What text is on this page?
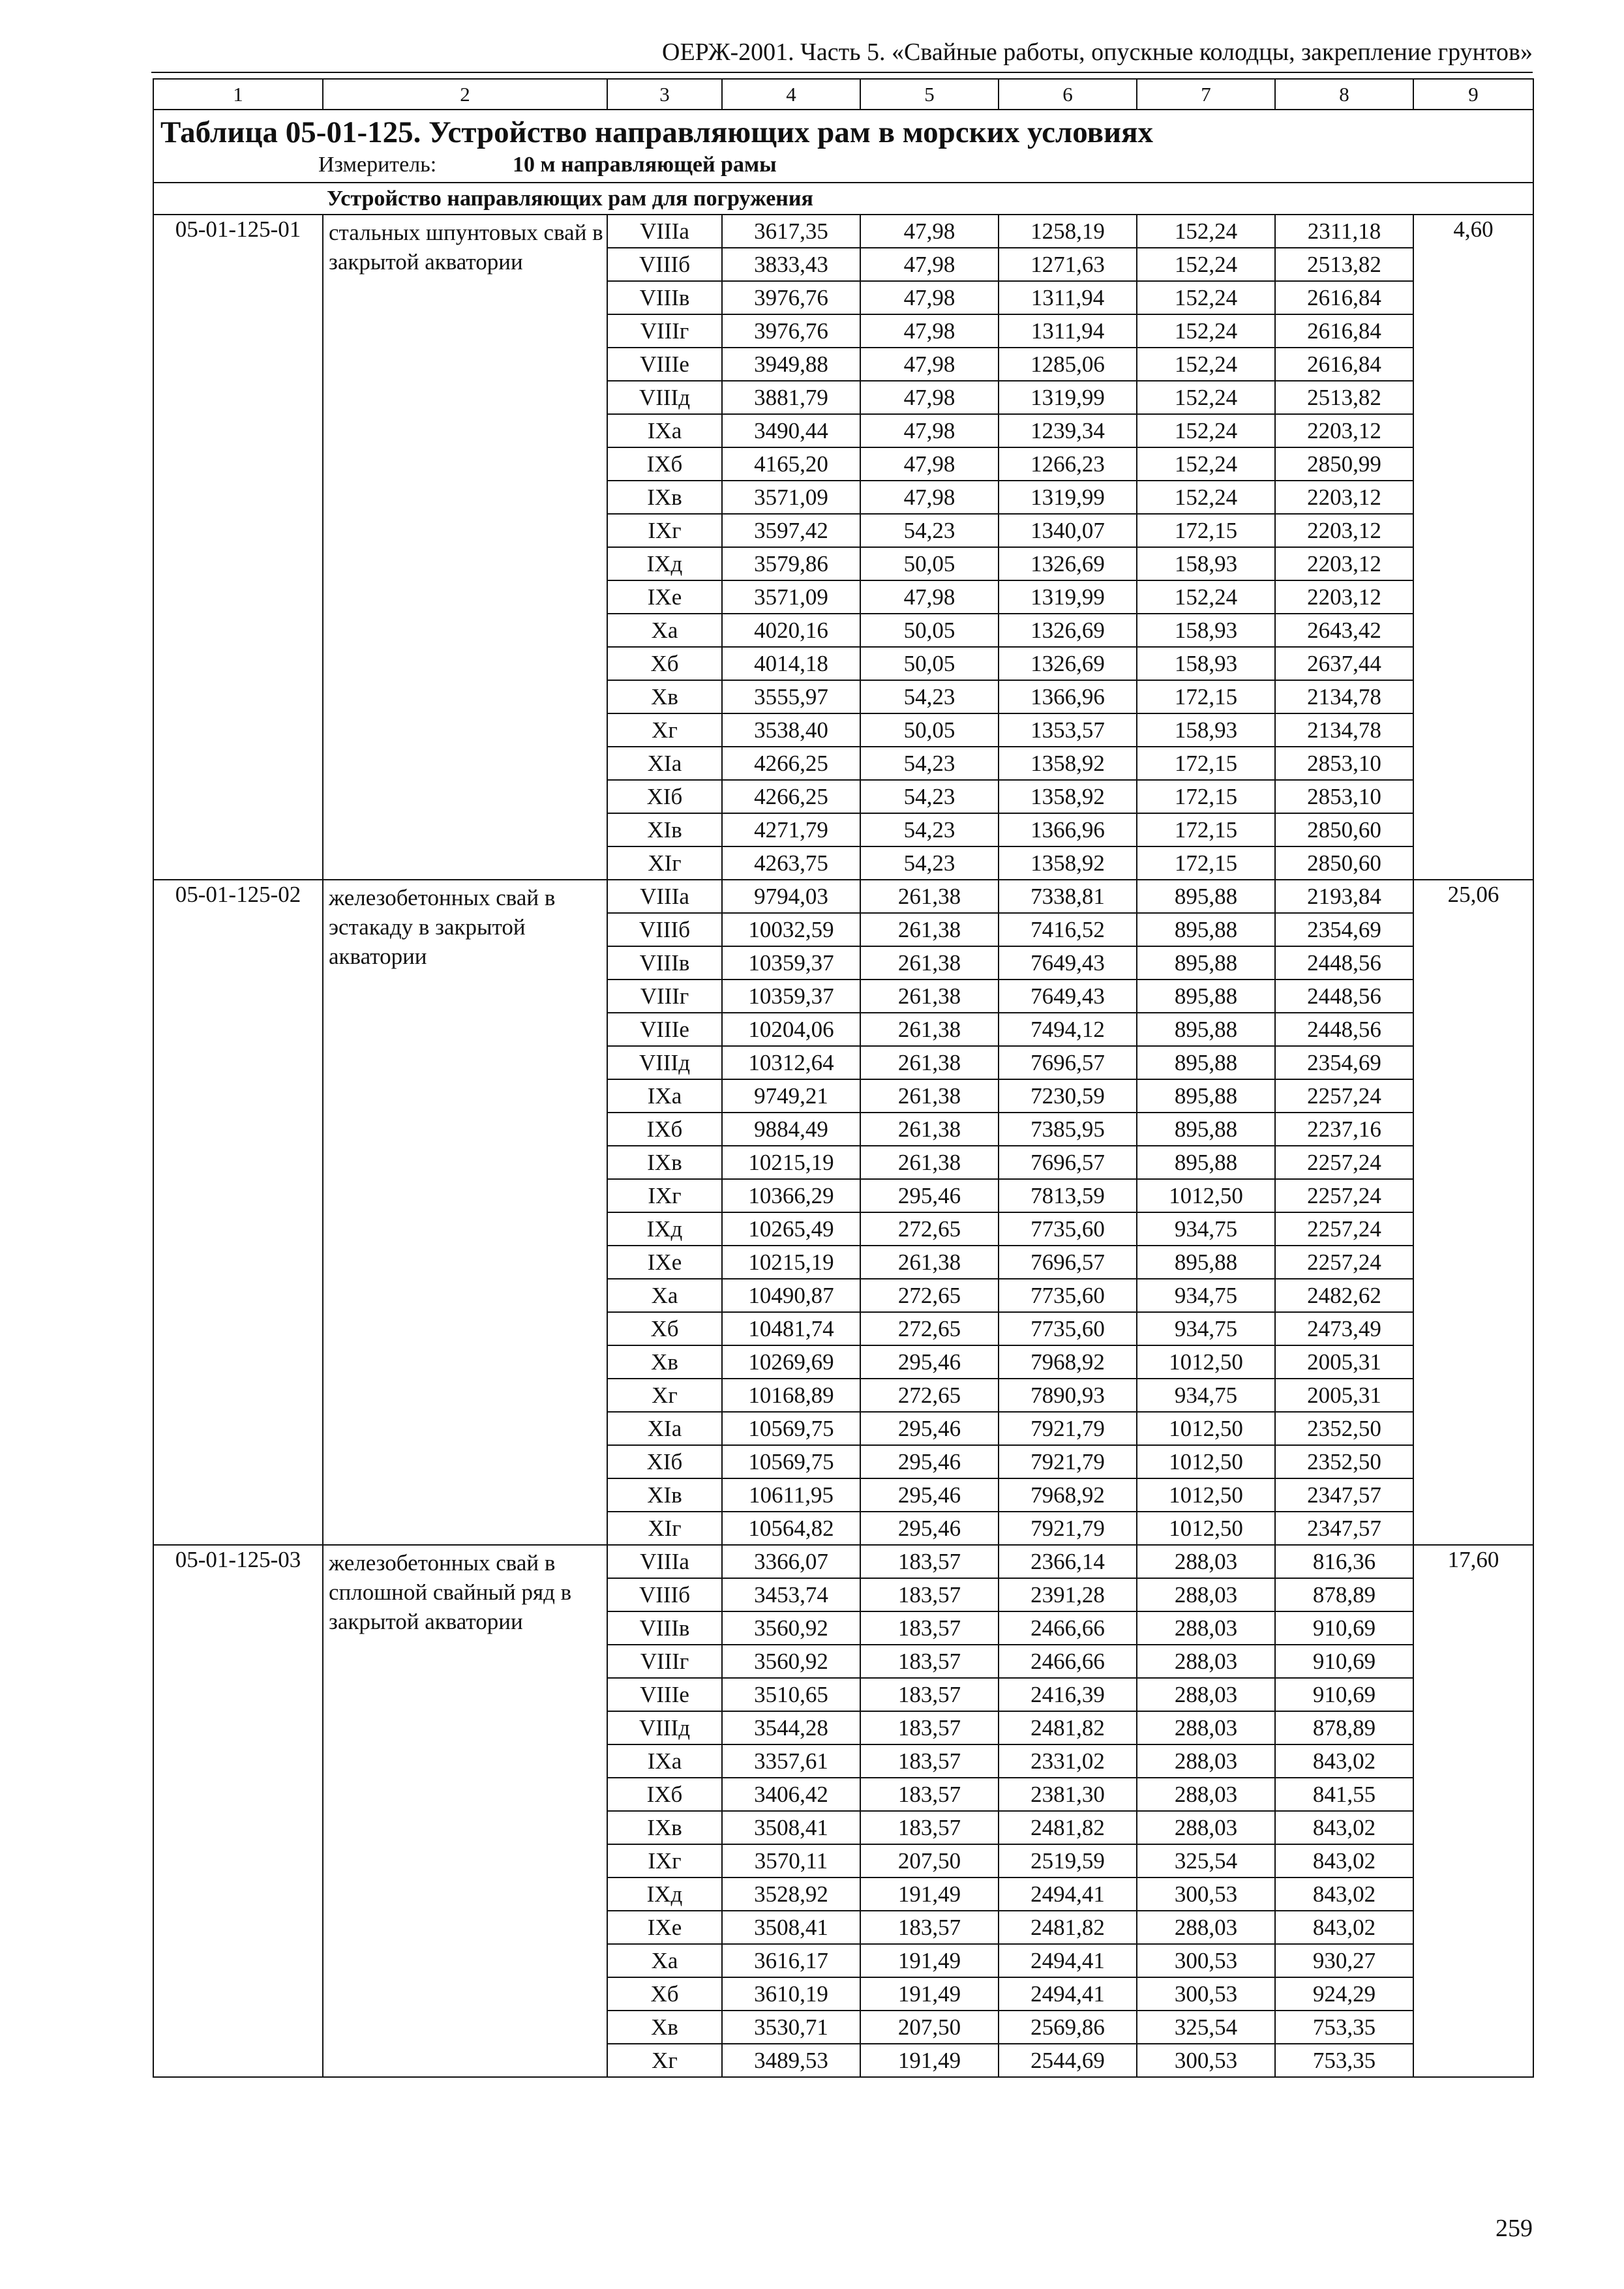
ОЕРЖ-2001. Часть 5. «Свайные работы, опускные колодцы, закрепление грунтов»
1	2	3	4	5	6	7	8	9

Таблица 05-01-125. Устройство направляющих рам в морских условиях
Измеритель: 10 м направляющей рамы								

Устройство направляющих рам для погружения								
05-01-125-01	стальных шпунтовых свай в закрытой акватории	VIIIа	3617,35	47,98	1258,19	152,24	2311,18	4,60
		VIIIб	3833,43	47,98	1271,63	152,24	2513,82	
		VIIIв	3976,76	47,98	1311,94	152,24	2616,84	
		VIIIг	3976,76	47,98	1311,94	152,24	2616,84	
		VIIIе	3949,88	47,98	1285,06	152,24	2616,84	
		VIIIд	3881,79	47,98	1319,99	152,24	2513,82	
		IXа	3490,44	47,98	1239,34	152,24	2203,12	
		IXб	4165,20	47,98	1266,23	152,24	2850,99	
		IXв	3571,09	47,98	1319,99	152,24	2203,12	
		IXг	3597,42	54,23	1340,07	172,15	2203,12	
		IXд	3579,86	50,05	1326,69	158,93	2203,12	
		IXе	3571,09	47,98	1319,99	152,24	2203,12	
		Xа	4020,16	50,05	1326,69	158,93	2643,42	
		Xб	4014,18	50,05	1326,69	158,93	2637,44	
		Xв	3555,97	54,23	1366,96	172,15	2134,78	
		Xг	3538,40	50,05	1353,57	158,93	2134,78	
		XIа	4266,25	54,23	1358,92	172,15	2853,10	
		XIб	4266,25	54,23	1358,92	172,15	2853,10	
		XIв	4271,79	54,23	1366,96	172,15	2850,60	
		XIг	4263,75	54,23	1358,92	172,15	2850,60	
05-01-125-02	железобетонных свай в эстакаду в закрытой акватории	VIIIа	9794,03	261,38	7338,81	895,88	2193,84	25,06
		VIIIб	10032,59	261,38	7416,52	895,88	2354,69	
		VIIIв	10359,37	261,38	7649,43	895,88	2448,56	
		VIIIг	10359,37	261,38	7649,43	895,88	2448,56	
		VIIIе	10204,06	261,38	7494,12	895,88	2448,56	
		VIIIд	10312,64	261,38	7696,57	895,88	2354,69	
		IXа	9749,21	261,38	7230,59	895,88	2257,24	
		IXб	9884,49	261,38	7385,95	895,88	2237,16	
		IXв	10215,19	261,38	7696,57	895,88	2257,24	
		IXг	10366,29	295,46	7813,59	1012,50	2257,24	
		IXд	10265,49	272,65	7735,60	934,75	2257,24	
		IXе	10215,19	261,38	7696,57	895,88	2257,24	
		Xа	10490,87	272,65	7735,60	934,75	2482,62	
		Xб	10481,74	272,65	7735,60	934,75	2473,49	
		Xв	10269,69	295,46	7968,92	1012,50	2005,31	
		Xг	10168,89	272,65	7890,93	934,75	2005,31	
		XIа	10569,75	295,46	7921,79	1012,50	2352,50	
		XIб	10569,75	295,46	7921,79	1012,50	2352,50	
		XIв	10611,95	295,46	7968,92	1012,50	2347,57	
		XIг	10564,82	295,46	7921,79	1012,50	2347,57	
05-01-125-03	железобетонных свай в сплошной свайный ряд в закрытой акватории	VIIIа	3366,07	183,57	2366,14	288,03	816,36	17,60
		VIIIб	3453,74	183,57	2391,28	288,03	878,89	
		VIIIв	3560,92	183,57	2466,66	288,03	910,69	
		VIIIг	3560,92	183,57	2466,66	288,03	910,69	
		VIIIе	3510,65	183,57	2416,39	288,03	910,69	
		VIIIд	3544,28	183,57	2481,82	288,03	878,89	
		IXа	3357,61	183,57	2331,02	288,03	843,02	
		IXб	3406,42	183,57	2381,30	288,03	841,55	
		IXв	3508,41	183,57	2481,82	288,03	843,02	
		IXг	3570,11	207,50	2519,59	325,54	843,02	
		IXд	3528,92	191,49	2494,41	300,53	843,02	
		IXе	3508,41	183,57	2481,82	288,03	843,02	
		Xа	3616,17	191,49	2494,41	300,53	930,27	
		Xб	3610,19	191,49	2494,41	300,53	924,29	
		Xв	3530,71	207,50	2569,86	325,54	753,35	
		Xг	3489,53	191,49	2544,69	300,53	753,35	
259
